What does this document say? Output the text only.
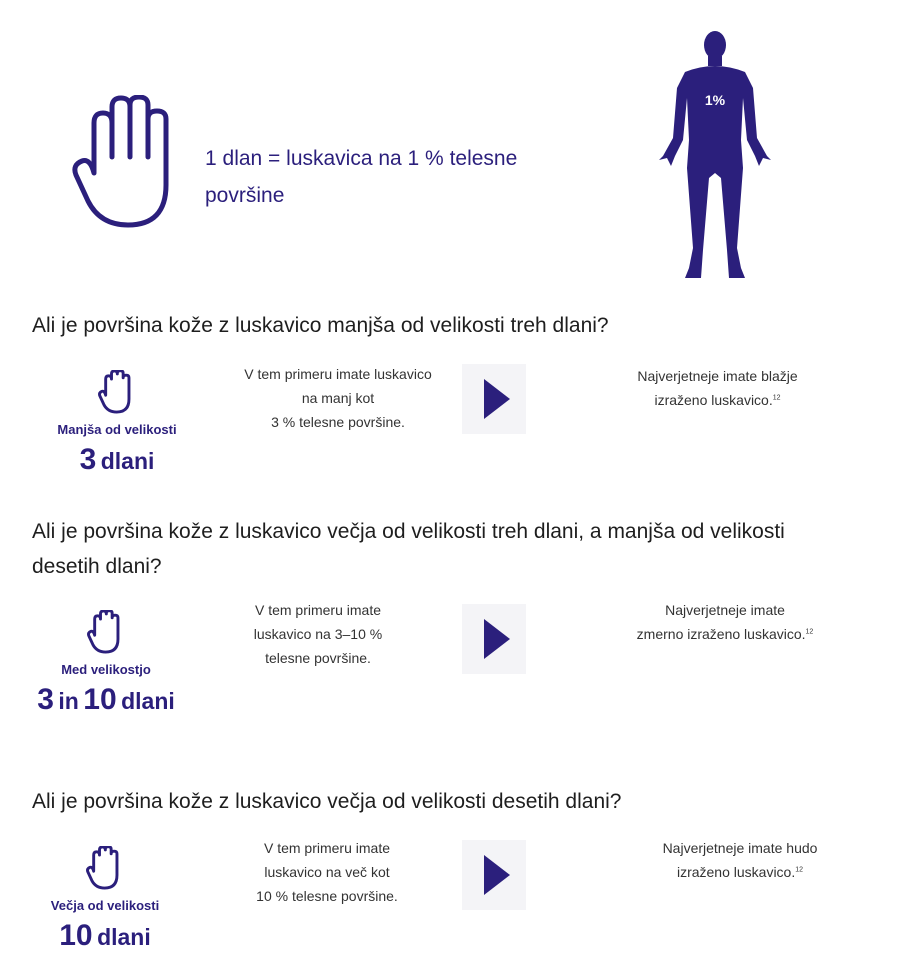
1 dlan = luskavica na 1 % telesne površine
1%
Ali je površina kože z luskavico manjša od velikosti treh dlani?
Manjša od velikosti
3 dlani
V tem primeru imate luskavico
na manj kot
3 % telesne površine.
Najverjetneje imate blažje
izraženo luskavico.$^{12}$
Ali je površina kože z luskavico večja od velikosti treh dlani, a manjša od velikosti desetih dlani?
Med velikostjo
3 in 10 dlani
V tem primeru imate
luskavico na 3–10 %
telesne površine.
Najverjetneje imate
zmerno izraženo luskavico.$^{12}$
Ali je površina kože z luskavico večja od velikosti desetih dlani?
Večja od velikosti
10 dlani
V tem primeru imate
luskavico na več kot
10 % telesne površine.
Najverjetneje imate hudo
izraženo luskavico.$^{12}$
